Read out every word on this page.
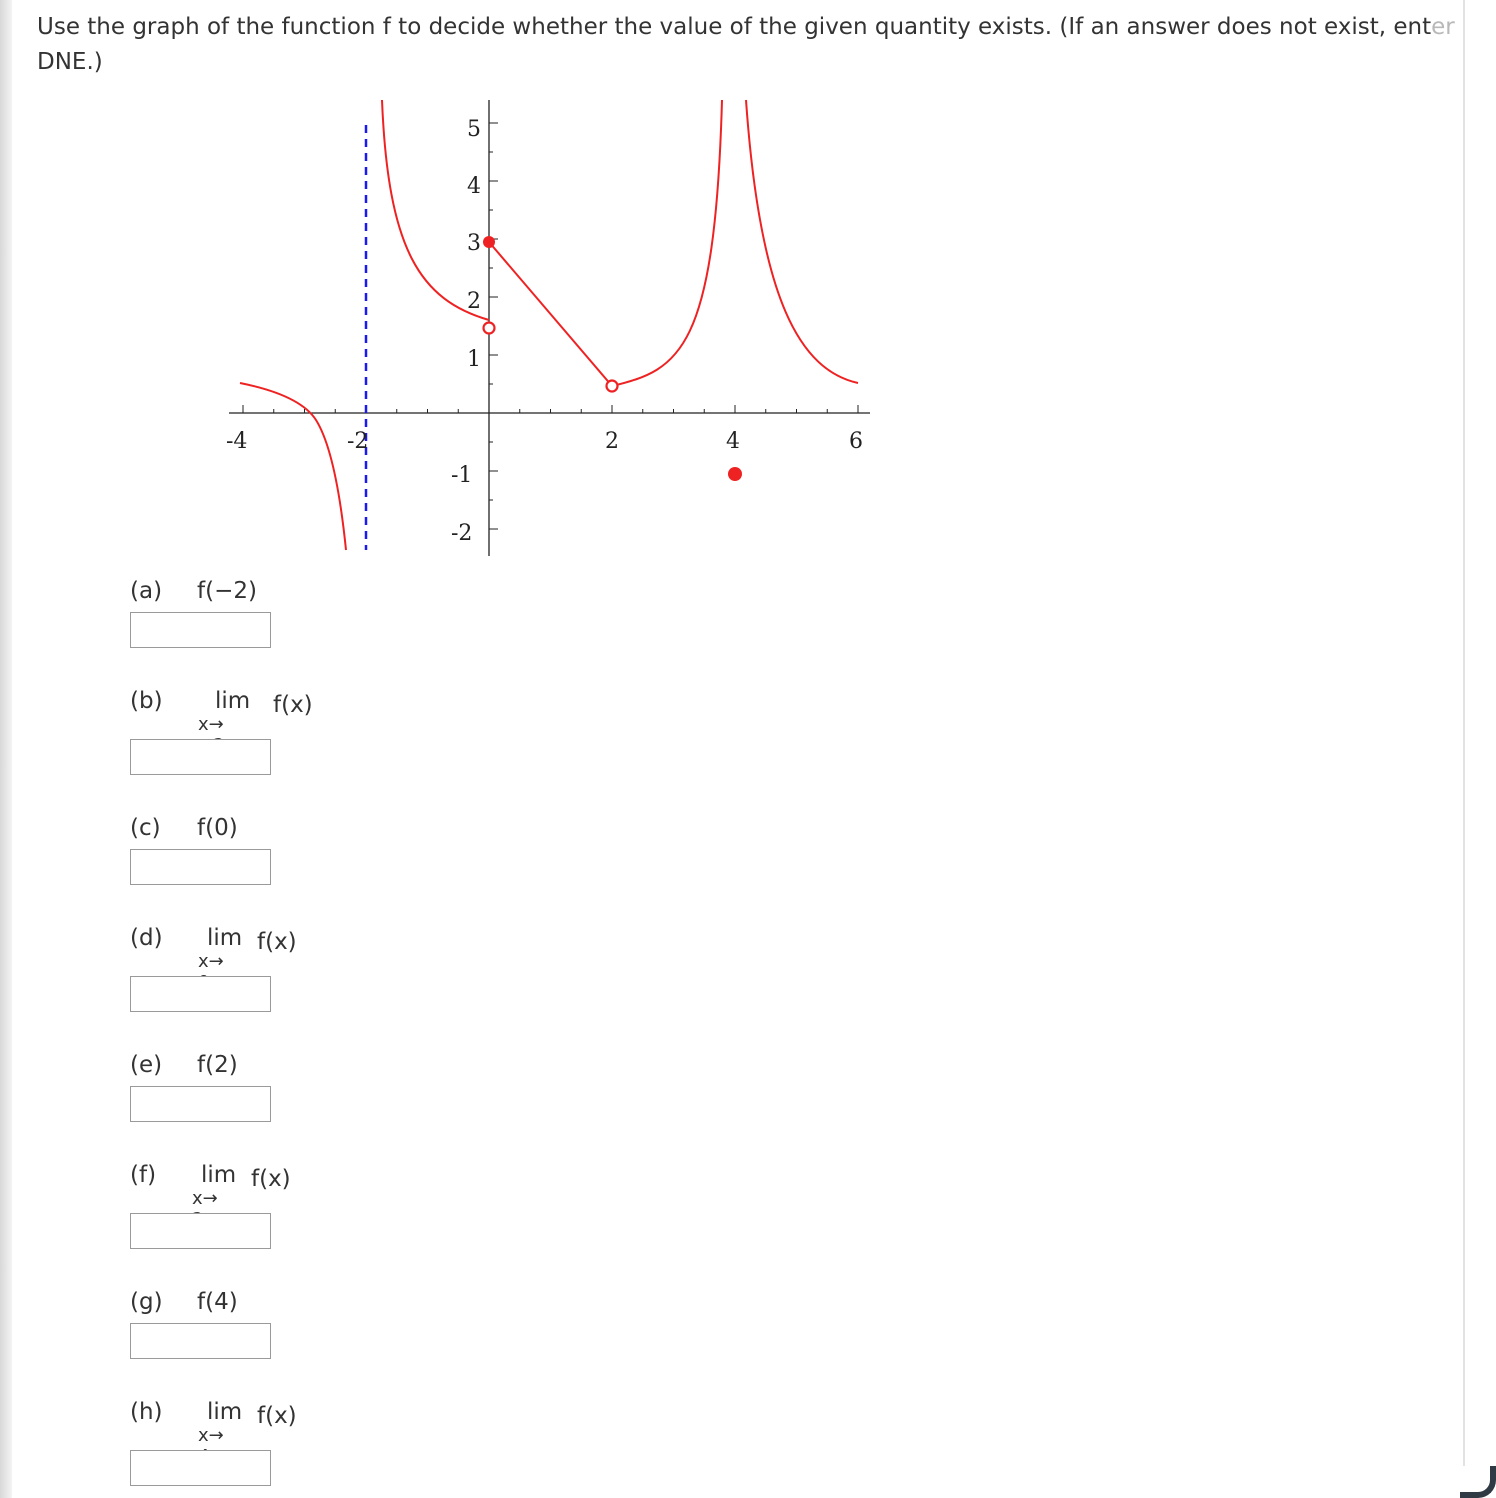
Use the graph of the function f to decide whether the value of the given quantity exists. (If an answer does not exist, enter
DNE.)
-4	-2	2	4	6
5
4
3
2
1
-1
-2
(a) f(−2)
(b) lim
x→
f(x)
(c) f(0)
(d) lim
x→
f(x)
(e) f(2)
(f) lim
x→
f(x)
(g) f(4)
(h) lim
x→
f(x)
